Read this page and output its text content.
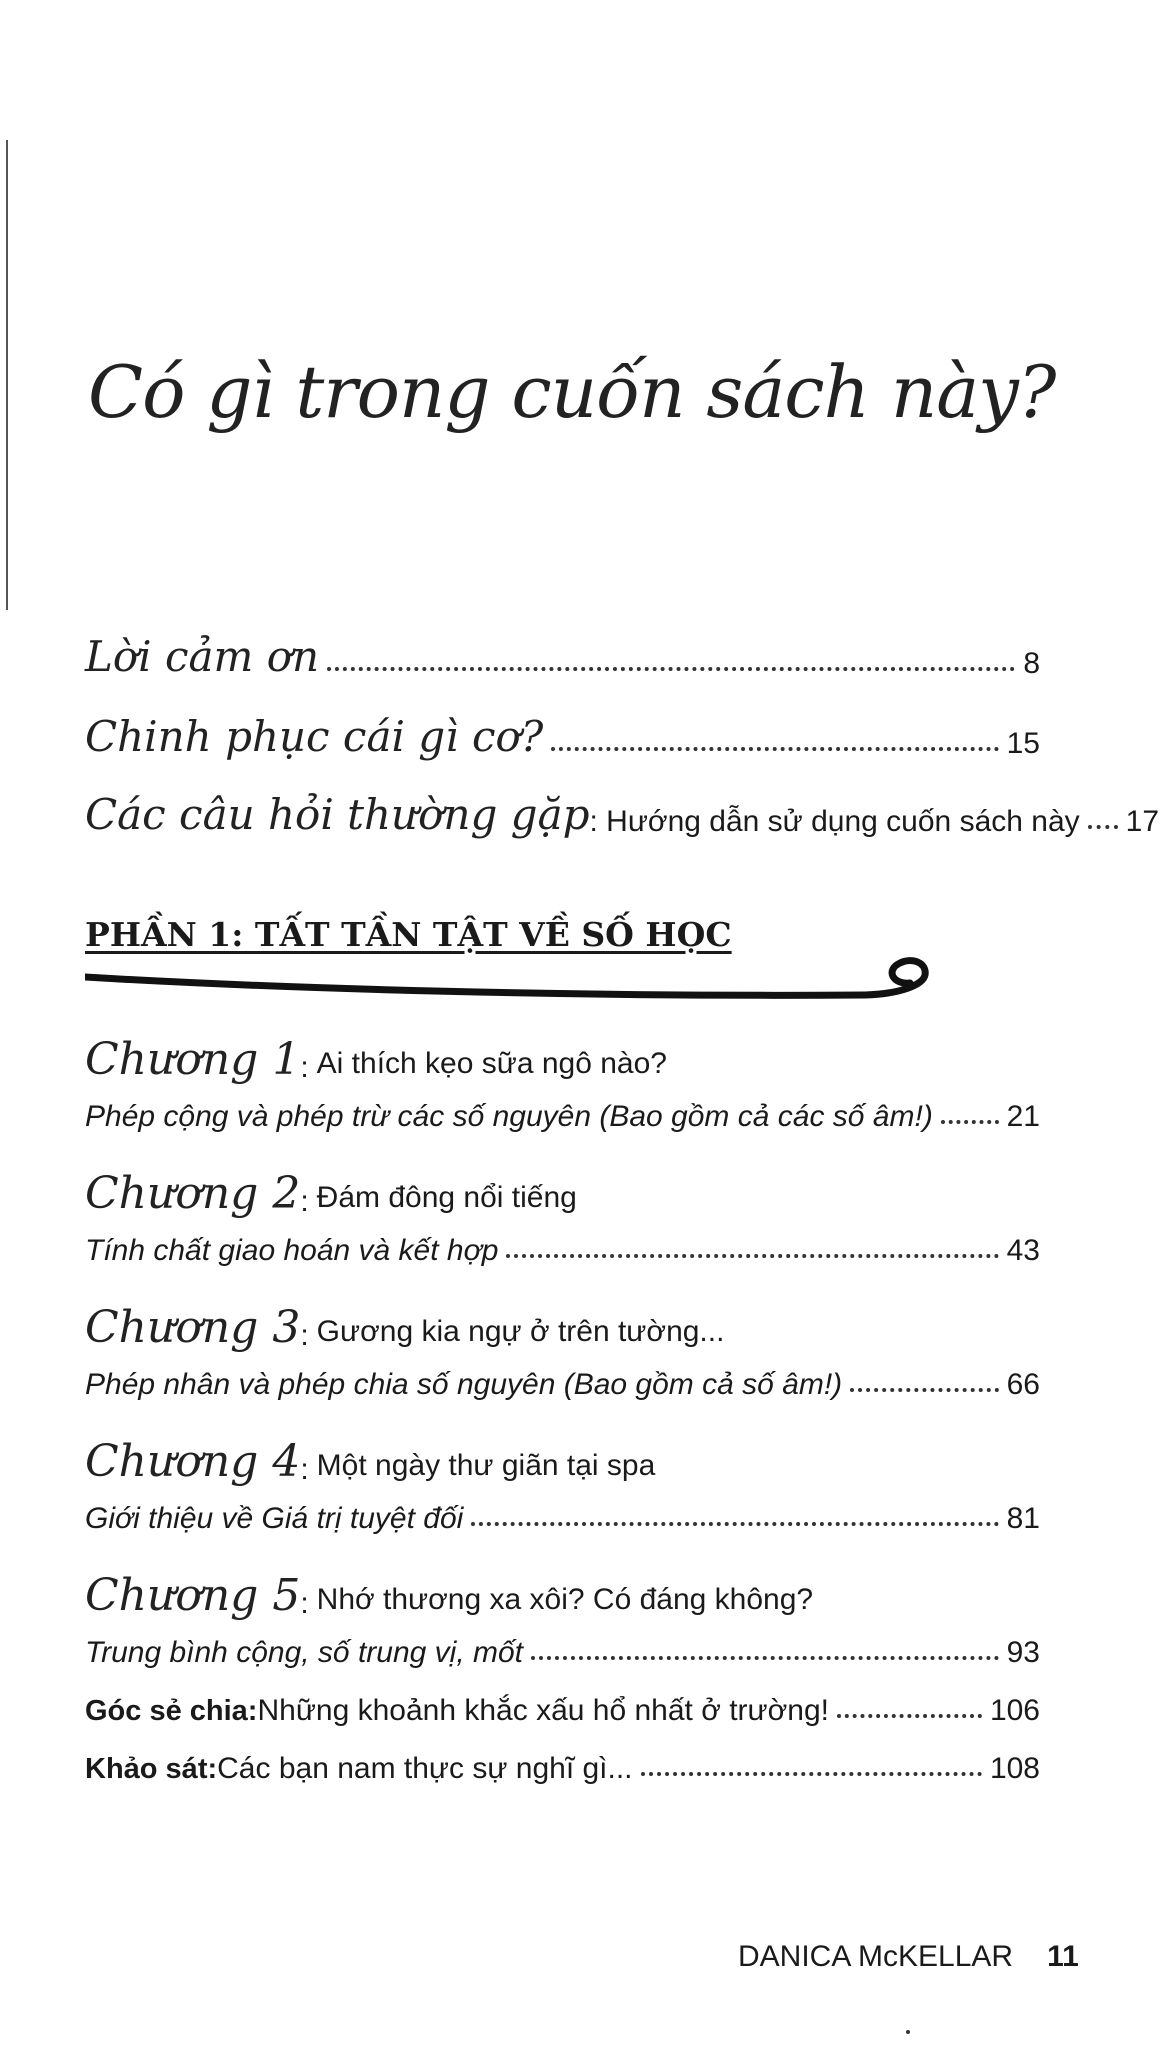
Có gì trong cuốn sách này?
Lời cảm ơn	8
Chinh phục cái gì cơ?	15
Các câu hỏi thường gặp : Hướng dẫn sử dụng cuốn sách này 17
PHẦN 1: TẤT TẦN TẬT VỀ SỐ HỌC
Chương 1 : Ai thích kẹo sữa ngô nào?
Phép cộng và phép trừ các số nguyên (Bao gồm cả các số âm!) 21
Chương 2 : Đám đông nổi tiếng
Tính chất giao hoán và kết hợp	43
Chương 3 : Gương kia ngự ở trên tường...
Phép nhân và phép chia số nguyên (Bao gồm cả số âm!)	66
Chương 4 : Một ngày thư giãn tại spa
Giới thiệu về Giá trị tuyệt đối	81
Chương 5 : Nhớ thương xa xôi? Có đáng không?
Trung bình cộng, số trung vị, mốt	93
Góc sẻ chia: Những khoảnh khắc xấu hổ nhất ở trường!	106
Khảo sát: Các bạn nam thực sự nghĩ gì...	108
DANICA McKELLAR 11
